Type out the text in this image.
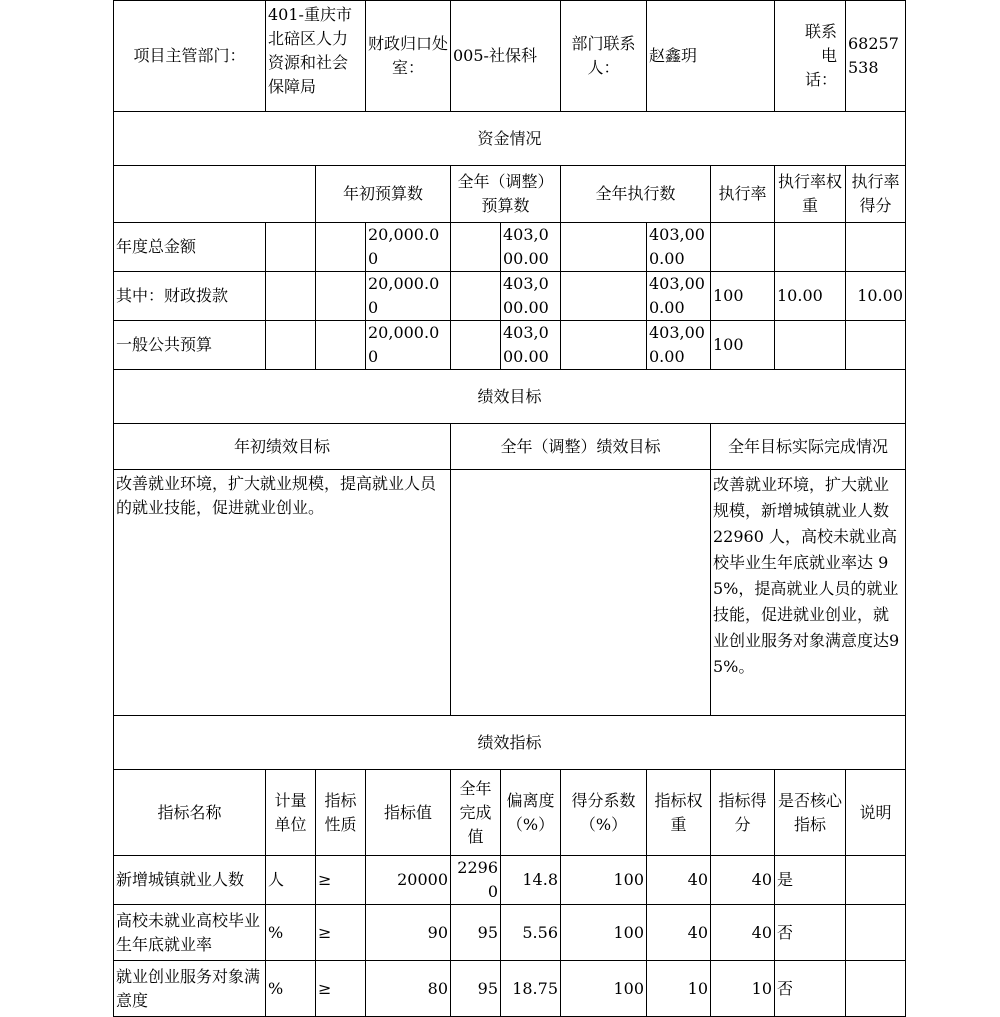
项目主管部门：	401-重庆市北碚区人力资源和社会保障局		财政归口处室：	005-社保科		部门联系人：	赵鑫玥		联系电话：	68257538
资金情况										
		年初预算数		全年（调整）预算数		全年执行数		执行率	执行率权重	执行率得分
年度总金额			20,000.00		403,000.00		403,000.00			
其中：财政拨款			20,000.00		403,000.00		403,000.00	100	10.00	10.00
一般公共预算			20,000.00		403,000.00		403,000.00	100		
绩效目标										
年初绩效目标				全年（调整）绩效目标				全年目标实际完成情况		
改善就业环境，扩大就业规模，提高就业人员的就业技能，促进就业创业。								改善就业环境，扩大就业规模，新增城镇就业人数 22960 人，高校未就业高校毕业生年底就业率达 95%，提高就业人员的就业技能，促进就业创业，就业创业服务对象满意度达95%。		
绩效指标										
指标名称	计量单位	指标性质	指标值	全年完成值	偏离度（%）	得分系数（%）	指标权重	指标得分	是否核心指标	说明
新增城镇就业人数	人	≥	20000	22960	14.8	100	40	40	是	
高校未就业高校毕业生年底就业率	%	≥	90	95	5.56	100	40	40	否	
就业创业服务对象满意度	%	≥	80	95	18.75	100	10	10	否	
